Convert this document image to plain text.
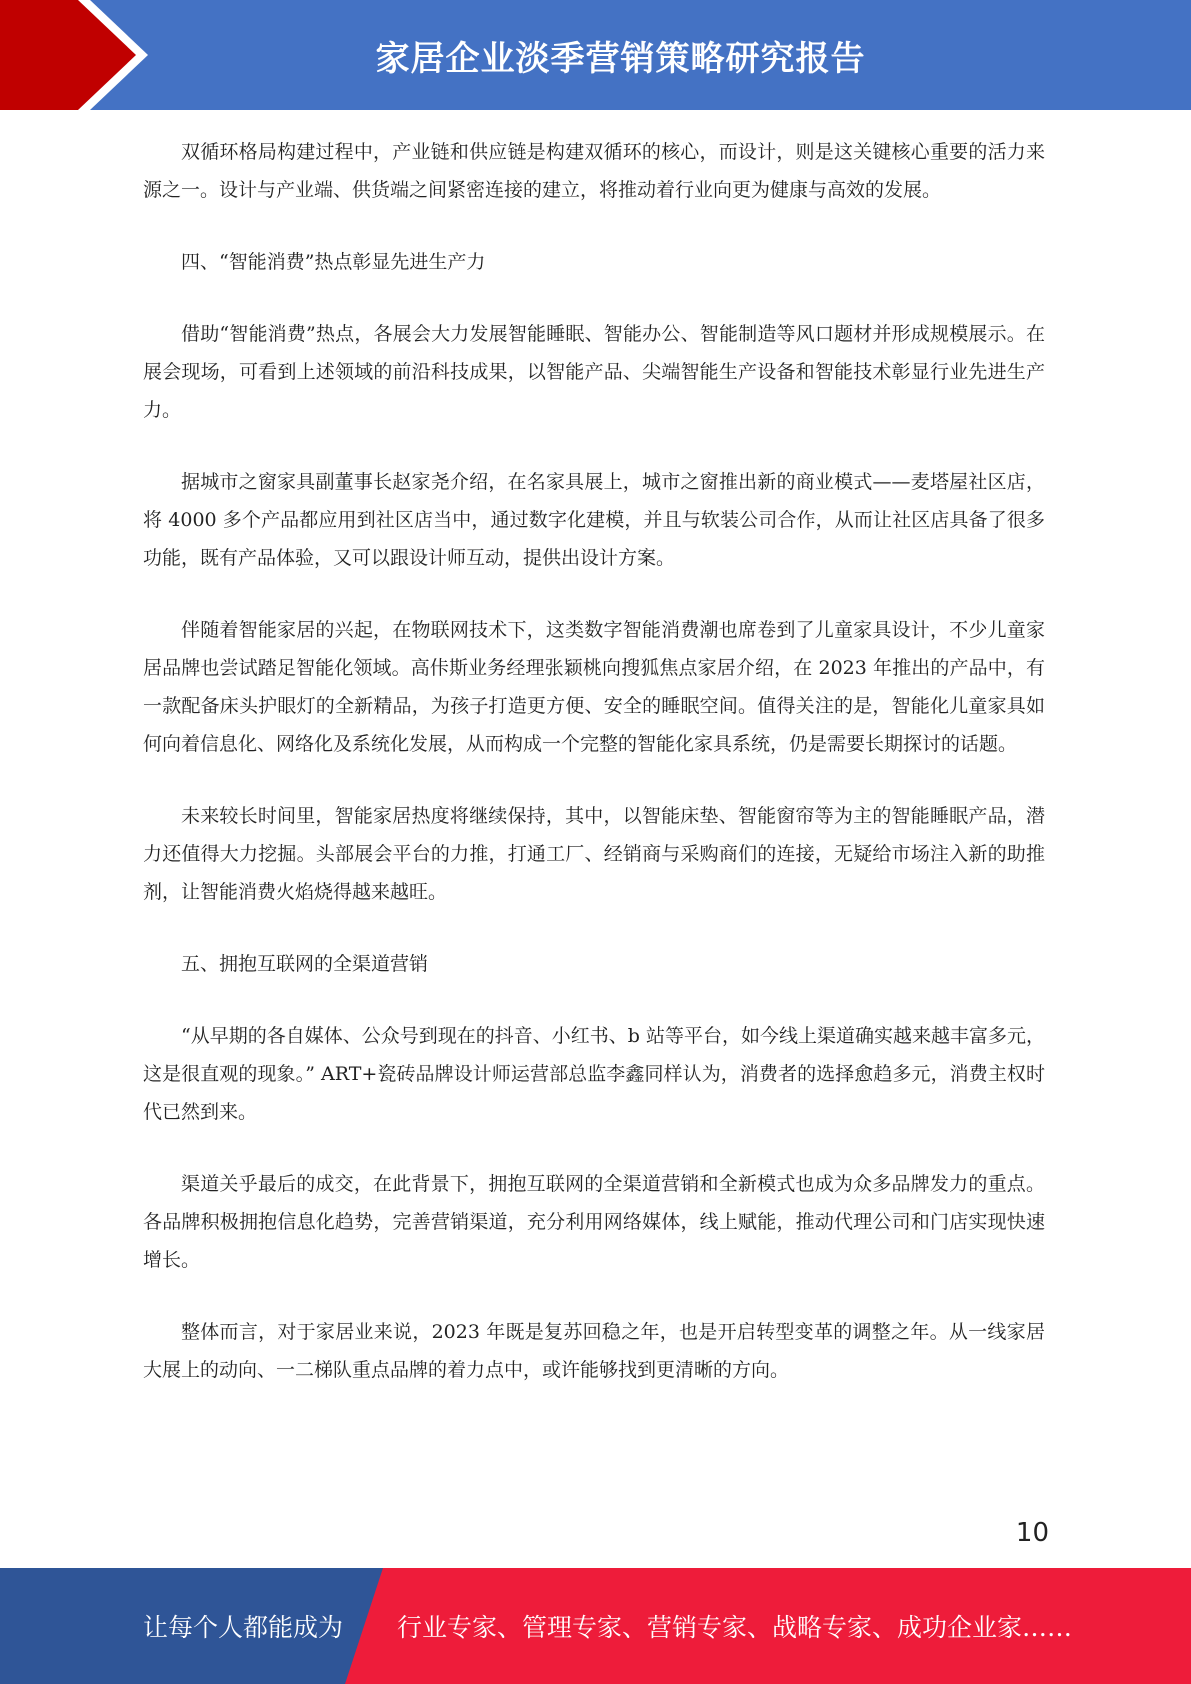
家居企业淡季营销策略研究报告

双循环格局构建过程中，产业链和供应链是构建双循环的核心，而设计，则是这关键核心重要的活力来源之一。设计与产业端、供货端之间紧密连接的建立，将推动着行业向更为健康与高效的发展。

四、“智能消费”热点彰显先进生产力

借助“智能消费”热点，各展会大力发展智能睡眠、智能办公、智能制造等风口题材并形成规模展示。在展会现场，可看到上述领域的前沿科技成果，以智能产品、尖端智能生产设备和智能技术彰显行业先进生产力。

据城市之窗家具副董事长赵家尧介绍，在名家具展上，城市之窗推出新的商业模式——麦塔屋社区店，将 4000 多个产品都应用到社区店当中，通过数字化建模，并且与软装公司合作，从而让社区店具备了很多功能，既有产品体验，又可以跟设计师互动，提供出设计方案。

伴随着智能家居的兴起，在物联网技术下，这类数字智能消费潮也席卷到了儿童家具设计，不少儿童家居品牌也尝试踏足智能化领域。高佧斯业务经理张颖桃向搜狐焦点家居介绍，在 2023 年推出的产品中，有一款配备床头护眼灯的全新精品，为孩子打造更方便、安全的睡眠空间。值得关注的是，智能化儿童家具如何向着信息化、网络化及系统化发展，从而构成一个完整的智能化家具系统，仍是需要长期探讨的话题。

未来较长时间里，智能家居热度将继续保持，其中，以智能床垫、智能窗帘等为主的智能睡眠产品，潜力还值得大力挖掘。头部展会平台的力推，打通工厂、经销商与采购商们的连接，无疑给市场注入新的助推剂，让智能消费火焰烧得越来越旺。

五、拥抱互联网的全渠道营销

“从早期的各自媒体、公众号到现在的抖音、小红书、b 站等平台，如今线上渠道确实越来越丰富多元，这是很直观的现象。” ART+瓷砖品牌设计师运营部总监李鑫同样认为，消费者的选择愈趋多元，消费主权时代已然到来。

渠道关乎最后的成交，在此背景下，拥抱互联网的全渠道营销和全新模式也成为众多品牌发力的重点。各品牌积极拥抱信息化趋势，完善营销渠道，充分利用网络媒体，线上赋能，推动代理公司和门店实现快速增长。

整体而言，对于家居业来说，2023 年既是复苏回稳之年，也是开启转型变革的调整之年。从一线家居大展上的动向、一二梯队重点品牌的着力点中，或许能够找到更清晰的方向。

10
让每个人都能成为 行业专家、管理专家、营销专家、战略专家、成功企业家……
